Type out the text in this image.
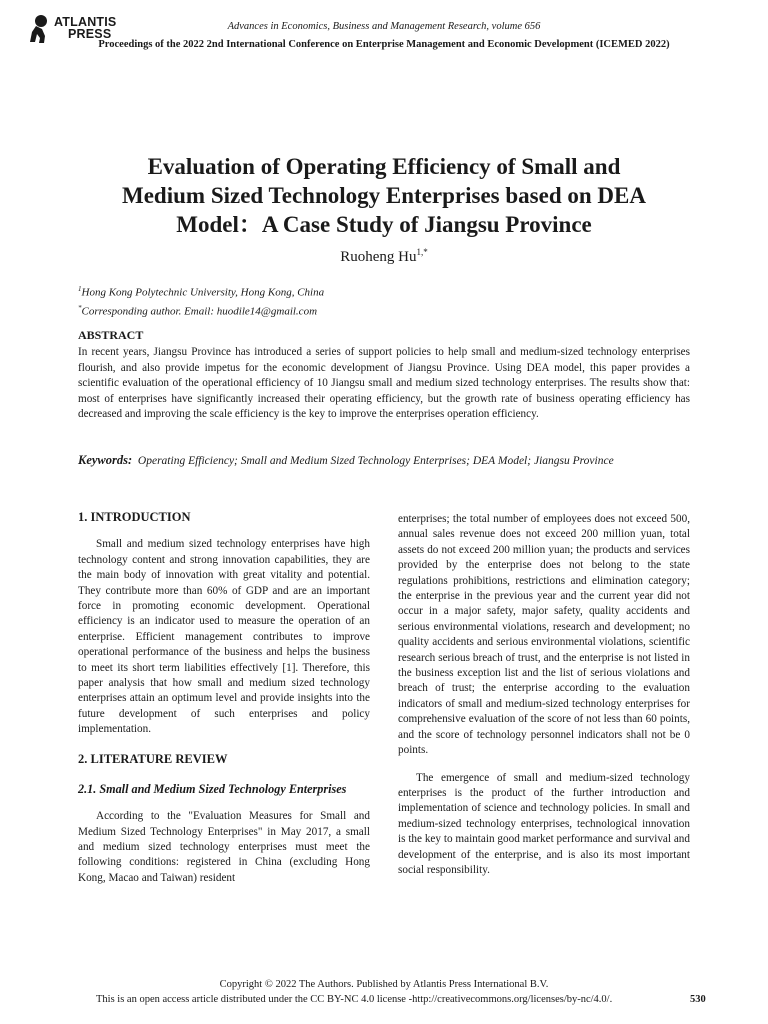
ATLANTIS
PRESS
Advances in Economics, Business and Management Research, volume 656
Proceedings of the 2022 2nd International Conference on Enterprise Management and Economic Development (ICEMED 2022)
Evaluation of Operating Efficiency of Small and
Medium Sized Technology Enterprises based on DEA
Model：A Case Study of Jiangsu Province
Ruoheng $Hu^{1,*}$
$^1$Hong Kong Polytechnic University, Hong Kong, China
*Corresponding author. Email: huodile14@gmail.com
ABSTRACT
In recent years, Jiangsu Province has introduced a series of support policies to help small and medium-sized technology enterprises flourish, and also provide impetus for the economic development of Jiangsu Province. Using DEA model, this paper provides a scientific evaluation of the operational efficiency of 10 Jiangsu small and medium sized technology enterprises. The results show that: most of enterprises have significantly increased their operating efficiency, but the growth rate of business operating efficiency has decreased and improving the scale efficiency is the key to improve the enterprises operation efficiency.
Keywords: Operating Efficiency; Small and Medium Sized Technology Enterprises; DEA Model; Jiangsu Province

1. INTRODUCTION

Small and medium sized technology enterprises have high technology content and strong innovation capabilities, they are the main body of innovation with great vitality and potential. They contribute more than 60% of GDP and are an important force in promoting economic development. Operational efficiency is an indicator used to measure the operation of an enterprise. Efficient management contributes to improve operational performance of the business and helps the business to meet its short term liabilities effectively [1]. Therefore, this paper analysis that how small and medium sized technology enterprises attain an optimum level and provide insights into the future development of such enterprises and policy implementation.

2. LITERATURE REVIEW

2.1. Small and Medium Sized Technology Enterprises

According to the "Evaluation Measures for Small and Medium Sized Technology Enterprises" in May 2017, a small and medium sized technology enterprises must meet the following conditions: registered in China (excluding Hong Kong, Macao and Taiwan) resident

enterprises; the total number of employees does not exceed 500, annual sales revenue does not exceed 200 million yuan, total assets do not exceed 200 million yuan; the products and services provided by the enterprise does not belong to the state regulations prohibitions, restrictions and elimination category; the enterprise in the previous year and the current year did not occur in a major safety, major safety, quality accidents and serious environmental violations, research and development; no quality accidents and serious environmental violations, scientific research serious breach of trust, and the enterprise is not listed in the business exception list and the list of serious violations and breach of trust; the enterprise according to the evaluation indicators of small and medium-sized technology enterprises for comprehensive evaluation of the score of not less than 60 points, and the score of technology personnel indicators shall not be 0 points.

The emergence of small and medium-sized technology enterprises is the product of the further introduction and implementation of science and technology policies. In small and medium-sized technology enterprises, technological innovation is the key to maintain good market performance and survival and development of the enterprise, and is also its most important social responsibility.

Copyright © 2022 The Authors. Published by Atlantis Press International B.V.
This is an open access article distributed under the CC BY-NC 4.0 license -http://creativecommons.org/licenses/by-nc/4.0/.	530
